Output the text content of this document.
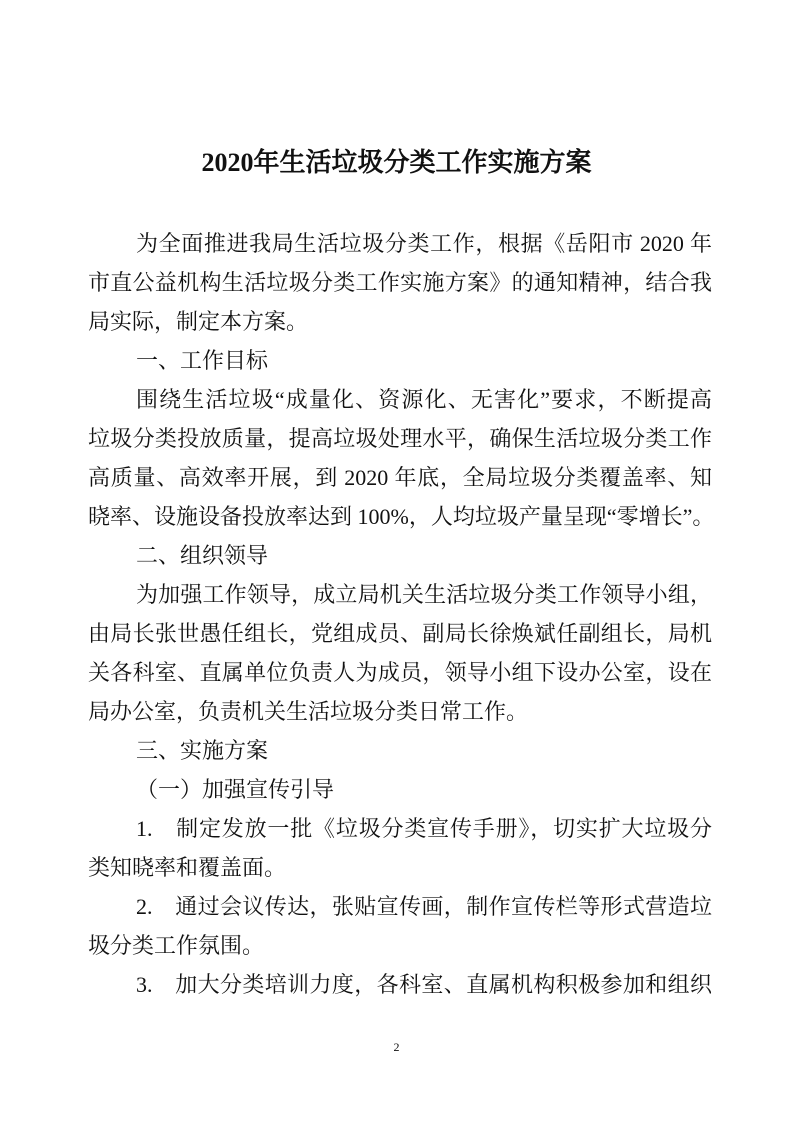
2020年生活垃圾分类工作实施方案
为全面推进我局生活垃圾分类工作，根据《岳阳市 2020 年
市直公益机构生活垃圾分类工作实施方案》的通知精神，结合我
局实际，制定本方案。
一、工作目标
围绕生活垃圾“成量化、资源化、无害化”要求，不断提高
垃圾分类投放质量，提高垃圾处理水平，确保生活垃圾分类工作
高质量、高效率开展，到 2020 年底，全局垃圾分类覆盖率、知
晓率、设施设备投放率达到 100%，人均垃圾产量呈现“零增长”。
二、组织领导
为加强工作领导，成立局机关生活垃圾分类工作领导小组，
由局长张世愚任组长，党组成员、副局长徐焕斌任副组长，局机
关各科室、直属单位负责人为成员，领导小组下设办公室，设在
局办公室，负责机关生活垃圾分类日常工作。
三、实施方案
（一）加强宣传引导
1.　制定发放一批《垃圾分类宣传手册》，切实扩大垃圾分
类知晓率和覆盖面。
2.　通过会议传达，张贴宣传画，制作宣传栏等形式营造垃
圾分类工作氛围。
3.　加大分类培训力度，各科室、直属机构积极参加和组织
2
